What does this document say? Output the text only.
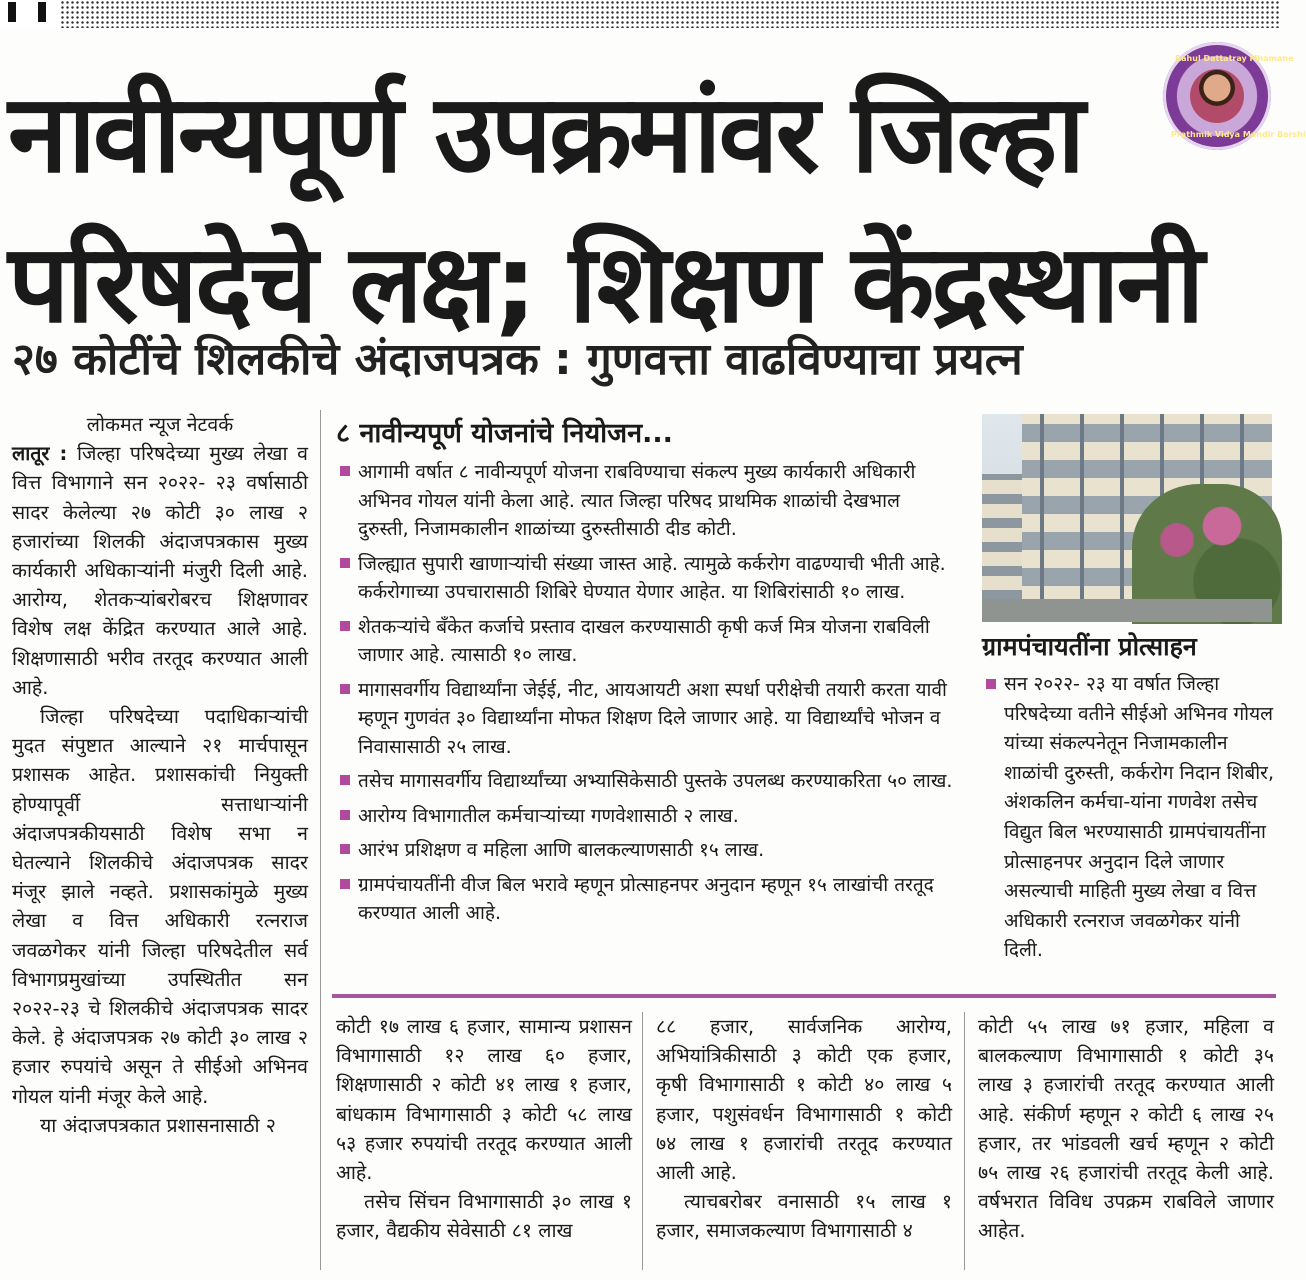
नावीन्यपूर्ण उपक्रमांवर जिल्हा
परिषदेचे लक्ष; शिक्षण केंद्रस्थानी
Rahul Dattatray Mhamane
Prathmik Vidya Mandir Barshi
२७ कोटींचे शिलकीचे अंदाजपत्रक : गुणवत्ता वाढविण्याचा प्रयत्न

लोकमत न्यूज नेटवर्क

लातूर : जिल्हा परिषदेच्या मुख्य लेखा व वित्त विभागाने सन २०२२- २३ वर्षासाठी सादर केलेल्या २७ कोटी ३० लाख २ हजारांच्या शिलकी अंदाजपत्रकास मुख्य कार्यकारी अधिकाऱ्यांनी मंजुरी दिली आहे. आरोग्य, शेतकऱ्यांबरोबरच शिक्षणावर विशेष लक्ष केंद्रित करण्यात आले आहे. शिक्षणासाठी भरीव तरतूद करण्यात आली आहे.

जिल्हा परिषदेच्या पदाधिकाऱ्यांची मुदत संपुष्टात आल्याने २१ मार्चपासून प्रशासक आहेत. प्रशासकांची नियुक्ती होण्यापूर्वी सत्ताधाऱ्यांनी अंदाजपत्रकीयसाठी विशेष सभा न घेतल्याने शिलकीचे अंदाजपत्रक सादर मंजूर झाले नव्हते. प्रशासकांमुळे मुख्य लेखा व वित्त अधिकारी रत्नराज जवळगेकर यांनी जिल्हा परिषदेतील सर्व विभागप्रमुखांच्या उपस्थितीत सन २०२२-२३ चे शिलकीचे अंदाजपत्रक सादर केले. हे अंदाजपत्रक २७ कोटी ३० लाख २ हजार रुपयांचे असून ते सीईओ अभिनव गोयल यांनी मंजूर केले आहे.

या अंदाजपत्रकात प्रशासनासाठी २

८ नावीन्यपूर्ण योजनांचे नियोजन...
आगामी वर्षात ८ नावीन्यपूर्ण योजना राबविण्याचा संकल्प मुख्य कार्यकारी अधिकारी अभिनव गोयल यांनी केला आहे. त्यात जिल्हा परिषद प्राथमिक शाळांची देखभाल दुरुस्ती, निजामकालीन शाळांच्या दुरुस्तीसाठी दीड कोटी.
जिल्ह्यात सुपारी खाणाऱ्यांची संख्या जास्त आहे. त्यामुळे कर्करोग वाढण्याची भीती आहे. कर्करोगाच्या उपचारासाठी शिबिरे घेण्यात येणार आहेत. या शिबिरांसाठी १० लाख.
शेतकऱ्यांचे बँकेत कर्जाचे प्रस्ताव दाखल करण्यासाठी कृषी कर्ज मित्र योजना राबविली जाणार आहे. त्यासाठी १० लाख.
मागासवर्गीय विद्यार्थ्यांना जेईई, नीट, आयआयटी अशा स्पर्धा परीक्षेची तयारी करता यावी म्हणून गुणवंत ३० विद्यार्थ्यांना मोफत शिक्षण दिले जाणार आहे. या विद्यार्थ्यांचे भोजन व निवासासाठी २५ लाख.
तसेच मागासवर्गीय विद्यार्थ्यांच्या अभ्यासिकेसाठी पुस्तके उपलब्ध करण्याकरिता ५० लाख.
आरोग्य विभागातील कर्मचाऱ्यांच्या गणवेशासाठी २ लाख.
आरंभ प्रशिक्षण व महिला आणि बालकल्याणसाठी १५ लाख.
ग्रामपंचायतींनी वीज बिल भरावे म्हणून प्रोत्साहनपर अनुदान म्हणून १५ लाखांची तरतूद करण्यात आली आहे.
ग्रामपंचायतींना प्रोत्साहन
सन २०२२- २३ या वर्षात जिल्हा परिषदेच्या वतीने सीईओ अभिनव गोयल यांच्या संकल्पनेतून निजामकालीन शाळांची दुरुस्ती, कर्करोग निदान शिबीर, अंशकलिन कर्मचा-यांना गणवेश तसेच विद्युत बिल भरण्यासाठी ग्रामपंचायतींना प्रोत्साहनपर अनुदान दिले जाणार असल्याची माहिती मुख्य लेखा व वित्त अधिकारी रत्नराज जवळगेकर यांनी दिली.

कोटी १७ लाख ६ हजार, सामान्य प्रशासन विभागासाठी १२ लाख ६० हजार, शिक्षणासाठी २ कोटी ४१ लाख १ हजार, बांधकाम विभागासाठी ३ कोटी ५८ लाख ५३ हजार रुपयांची तरतूद करण्यात आली आहे.

तसेच सिंचन विभागासाठी ३० लाख १ हजार, वैद्यकीय सेवेसाठी ८१ लाख

८८ हजार, सार्वजनिक आरोग्य, अभियांत्रिकीसाठी ३ कोटी एक हजार, कृषी विभागासाठी १ कोटी ४० लाख ५ हजार, पशुसंवर्धन विभागासाठी १ कोटी ७४ लाख १ हजारांची तरतूद करण्यात आली आहे.

त्याचबरोबर वनासाठी १५ लाख १ हजार, समाजकल्याण विभागासाठी ४

कोटी ५५ लाख ७१ हजार, महिला व बालकल्याण विभागासाठी १ कोटी ३५ लाख ३ हजारांची तरतूद करण्यात आली आहे. संकीर्ण म्हणून २ कोटी ६ लाख २५ हजार, तर भांडवली खर्च म्हणून २ कोटी ७५ लाख २६ हजारांची तरतूद केली आहे. वर्षभरात विविध उपक्रम राबविले जाणार आहेत.
